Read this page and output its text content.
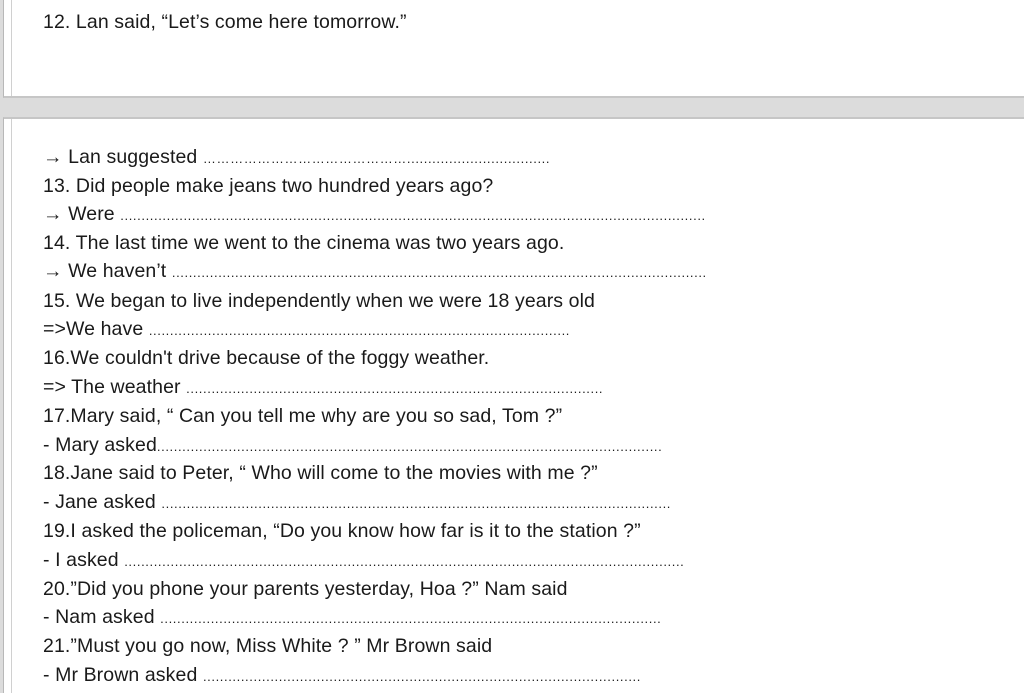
12. Lan said, “Let’s come here tomorrow.”
→ Lan suggested ………………………………………..................................
13. Did people make jeans two hundred years ago?
→ Were ...........................................................................................................................................
14. The last time we went to the cinema was two years ago.
→ We haven’t ...............................................................................................................................
15. We began to live independently when we were 18 years old
=>We have ....................................................................................................
16.We couldn't drive because of the foggy weather.
=> The weather ...................................................................................................
17.Mary said, “ Can you tell me why are you so sad, Tom ?”
- Mary asked........................................................................................................................
18.Jane said to Peter, “ Who will come to the movies with me ?”
- Jane asked .........................................................................................................................
19.I asked the policeman, “Do you know how far is it to the station ?”
- I asked .....................................................................................................................................
20.”Did you phone your parents yesterday, Hoa ?” Nam said
- Nam asked .......................................................................................................................
21.”Must you go now, Miss White ? ” Mr Brown said
- Mr Brown asked ........................................................................................................
